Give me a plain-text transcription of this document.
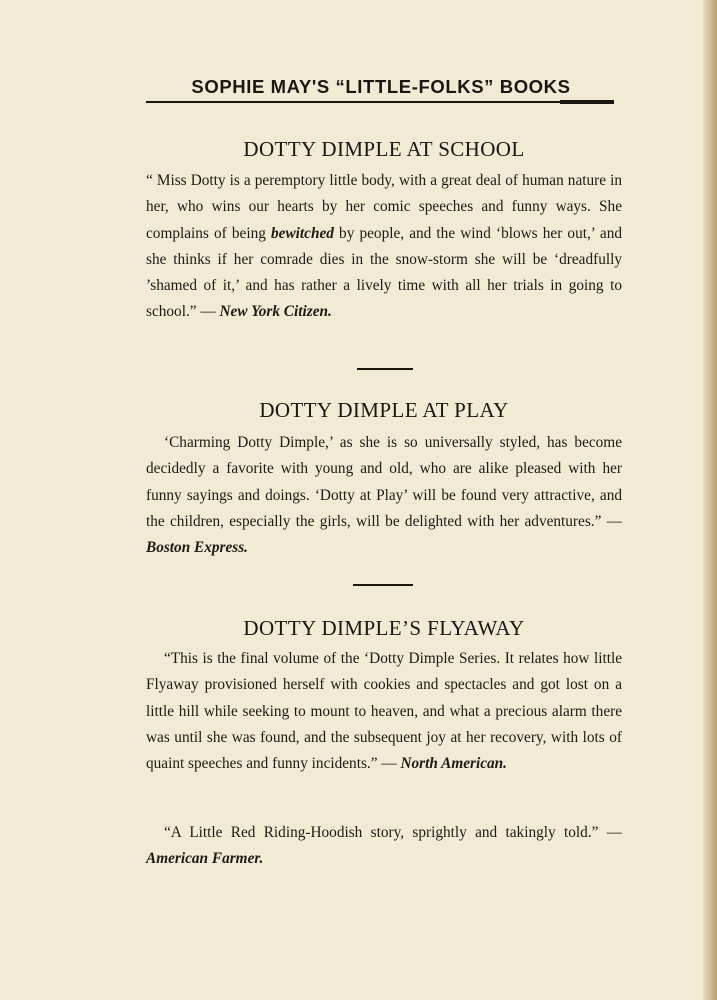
SOPHIE MAY'S “LITTLE-FOLKS” BOOKS
DOTTY DIMPLE AT SCHOOL

“ Miss Dotty is a peremptory little body, with a great deal of human nature in her, who wins our hearts by her comic speeches and funny ways. She complains of being bewitched by people, and the wind ‘blows her out,’ and she thinks if her comrade dies in the snow-storm she will be ‘dreadfully ’shamed of it,’ and has rather a lively time with all her trials in going to school.” — New York Citizen.

DOTTY DIMPLE AT PLAY

‘Charming Dotty Dimple,’ as she is so universally styled, has become decidedly a favorite with young and old, who are alike pleased with her funny sayings and doings. ‘Dotty at Play’ will be found very attractive, and the children, especially the girls, will be delighted with her adventures.” — Boston Express.

DOTTY DIMPLE’S FLYAWAY

“This is the final volume of the ‘Dotty Dimple Series. It relates how little Flyaway provisioned herself with cookies and spectacles and got lost on a little hill while seeking to mount to heaven, and what a precious alarm there was until she was found, and the subsequent joy at her recovery, with lots of quaint speeches and funny incidents.” — North American.

“A Little Red Riding-Hoodish story, sprightly and takingly told.” — American Farmer.
